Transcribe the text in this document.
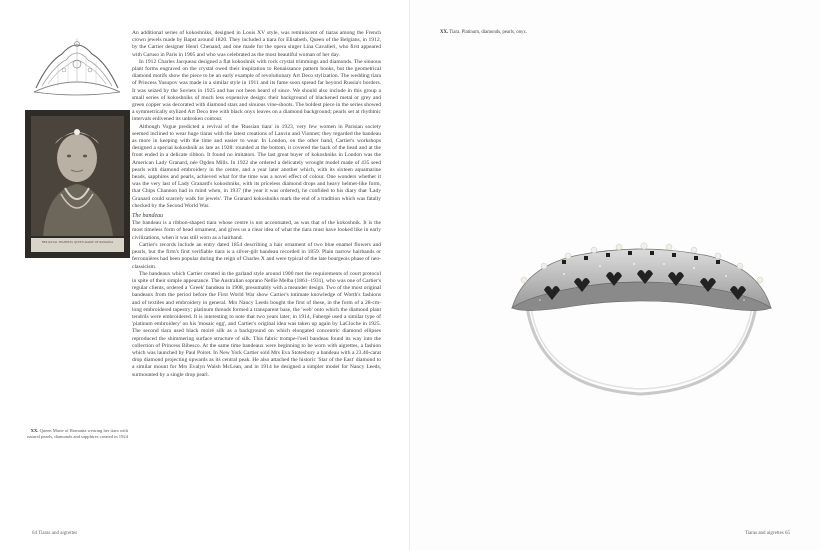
HER ROYAL HIGHNESS QUEEN MARIE OF ROMANIA
XX. Queen Marie of Romania wearing her tiara with natural pearls, diamonds and sapphires created in 1924

An additional series of kokoshniks, designed in Louis XV style, was reminiscent of tiaras among the French crown jewels made by Bapst around 1820. They included a tiara for Elisabeth, Queen of the Belgians, in 1912, by the Cartier designer Henri Chenand, and one made for the opera singer Lina Cavalieri, who first appeared with Caruso in Paris in 1905 and who was celebrated as the most beautiful woman of her day.

In 1912 Charles Jacqueau designed a flat kokoshnik with rock crystal trimmings and diamonds. The sinuous plant forms engraved on the crystal owed their inspiration to Renaissance pattern books, but the geometrical diamond motifs show the piece to be an early example of revolutionary Art Deco stylization. The wedding tiara of Princess Yusupov was made in a similar style in 1911 and its fame soon spread far beyond Russia's borders. It was seized by the Soviets in 1925 and has not been heard of since. We should also include in this group a small series of kokoshniks of much less expensive design: their background of blackened metal or grey and green copper was decorated with diamond stars and sinuous vine-shoots. The boldest piece in the series showed a symmetrically stylized Art Deco tree with black onyx leaves on a diamond background; pearls set at rhythmic intervals enlivened its unbroken contour.

Although Vogue predicted a revival of the 'Russian tiara' in 1923, very few women in Parisian society seemed inclined to wear huge tiaras with the latest creations of Lanvin and Vionnet; they regarded the bandeau as more in keeping with the time and easier to wear. In London, on the other hand, Cartier's workshops designed a special kokoshnik as late as 1928: rounded at the bottom, it covered the back of the head and at the front ended in a delicate ribbon. It found no imitators. The last great buyer of kokoshniks in London was the American Lady Granard, née Ogden Mills. In 1922 she ordered a delicately wrought model made of 435 seed pearls with diamond embroidery in the centre, and a year later another which, with its sixteen aquamarine beads, sapphires and pearls, achieved what for the time was a novel effect of colour. One wonders whether it was the very last of Lady Granard's kokoshniks, with its priceless diamond drops and heavy helmet-like form, that Chips Channon had in mind when, in 1937 (the year it was ordered), he confided to his diary that 'Lady Granard could scarcely walk for jewels'. The Granard kokoshniks mark the end of a tradition which was fatally checked by the Second World War.

The bandeau

The bandeau is a ribbon-shaped tiara whose centre is not accentuated, as was that of the kokoshnik. It is the most timeless form of head ornament, and gives us a clear idea of what the tiara must have looked like in early civilizations, when it was still worn as a hairband.

Cartier's records include an entry dated 1854 describing a hair ornament of two blue enamel flowers and pearls, but the firm's first verifiable tiara is a silver-gilt bandeau recorded in 1859. Plain narrow hairbands or ferronnières had been popular during the reign of Charles X and were typical of the late bourgeois phase of neo-classicism.

The bandeaux which Cartier created in the garland style around 1900 met the requirements of court protocol in spite of their simple appearance. The Australian soprano Nellie Melba (1861–1931), who was one of Cartier's regular clients, ordered a 'Greek' bandeau in 1908, presumably with a meander design. Two of the most original bandeaux from the period before the First World War show Cartier's intimate knowledge of Worth's fashions and of textiles and embroidery in general. Mrs Nancy Leeds bought the first of these, in the form of a 28-cm-long embroidered tapestry; platinum threads formed a transparent base, the 'web' onto which the diamond plant tendrils were embroidered. It is interesting to note that two years later, in 1914, Fabergé used a similar type of 'platinum embroidery' on his 'mosaic egg', and Cartier's original idea was taken up again by LaCloche in 1925. The second tiara used black moiré silk as a background on which elongated concentric diamond ellipses reproduced the shimmering surface structure of silk. This fabric trompe-l'oeil bandeau found its way into the collection of Princess Bibesco. At the same time bandeaux were beginning to be worn with aigrettes, a fashion which was launched by Paul Poiret. In New York Cartier sold Mrs Eva Stotesbury a bandeau with a 23.40-carat drop diamond projecting upwards as its central peak. He also attached the historic 'Star of the East' diamond to a similar mount for Mrs Evalyn Walsh McLean, and in 1914 he designed a simpler model for Nancy Leeds, surmounted by a single drop pearl.

64 Tiaras and aigrettes
XX. Tiara. Platinum, diamonds, pearls, onyx.
Tiaras and aigrettes 65
